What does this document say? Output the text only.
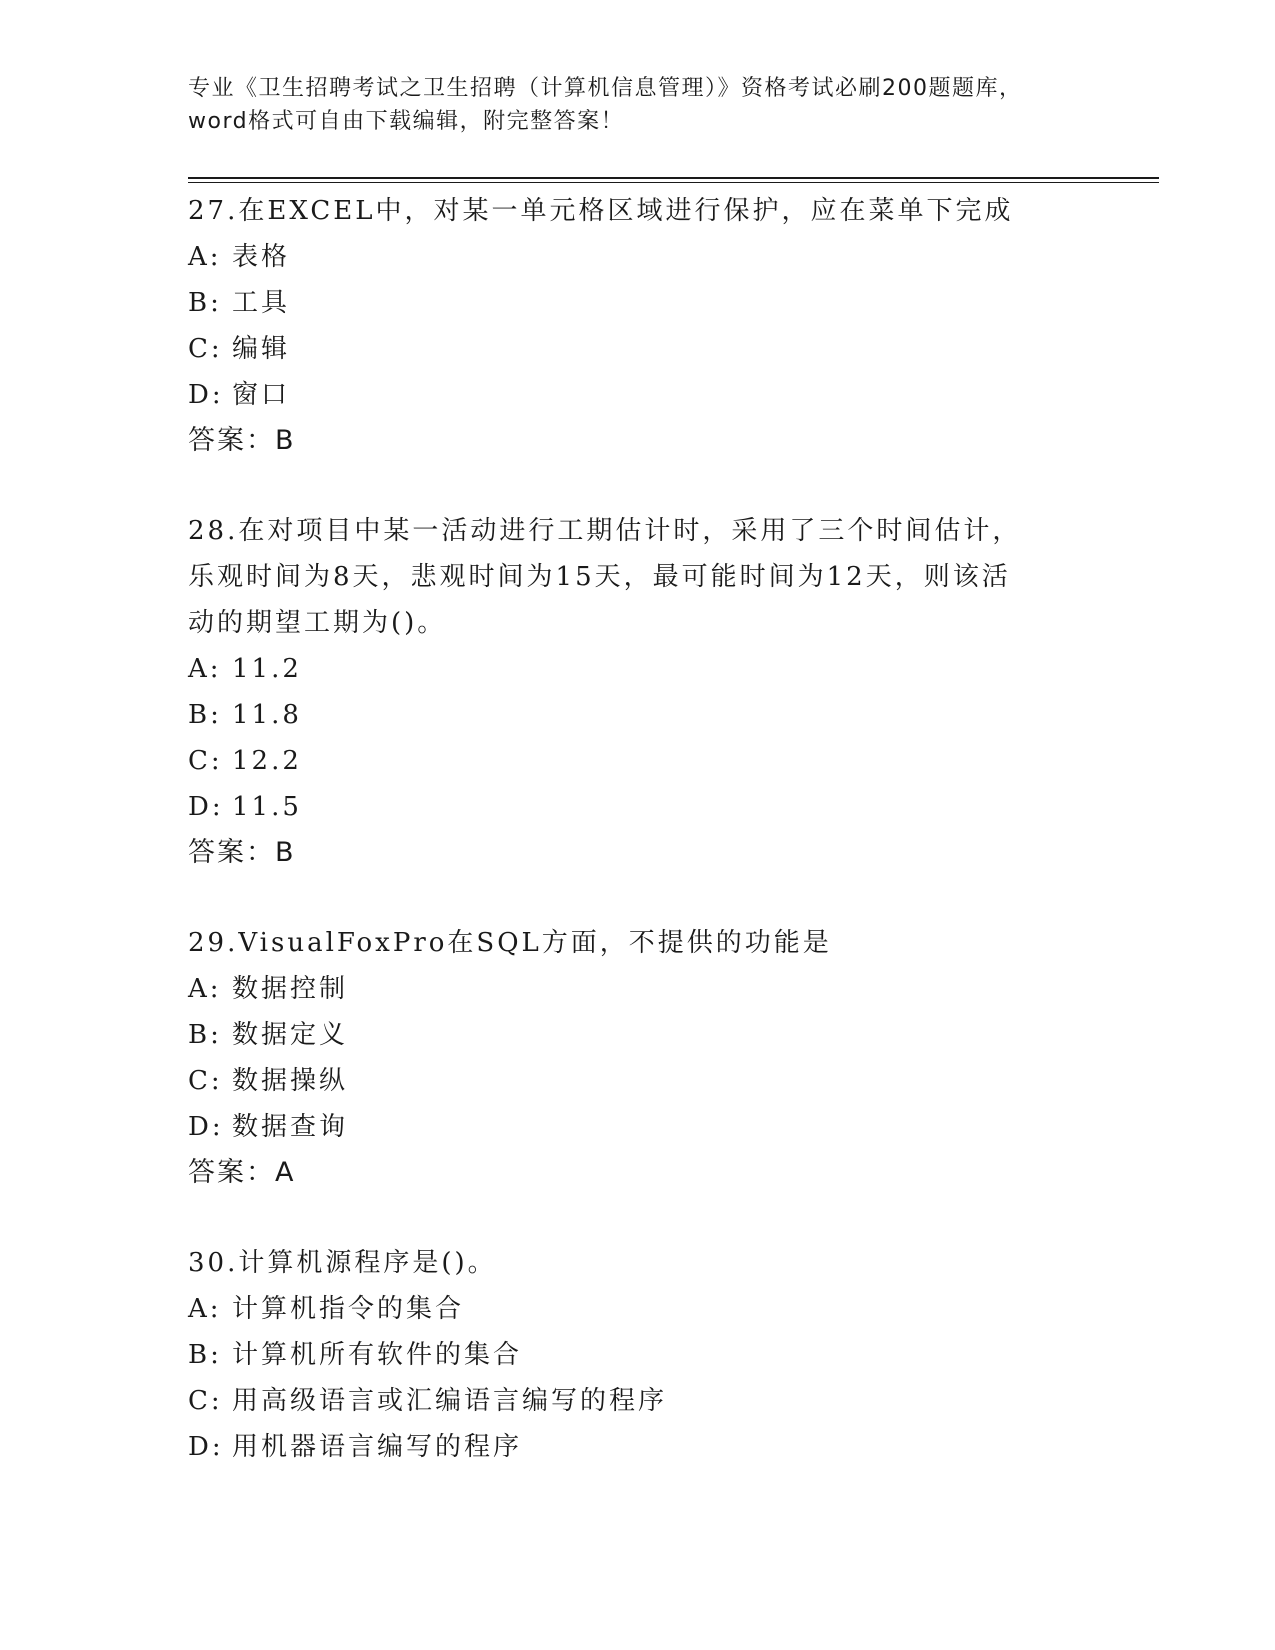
专业《卫生招聘考试之卫生招聘（计算机信息管理）》资格考试必刷200题题库，
word格式可自由下载编辑，附完整答案！
27.在EXCEL中，对某一单元格区域进行保护，应在菜单下完成
A: 表格
B: 工具
C: 编辑
D: 窗口
答案：B
28.在对项目中某一活动进行工期估计时，采用了三个时间估计，乐观时间为8天，悲观时间为15天，最可能时间为12天，则该活动的期望工期为()。
A: 11.2
B: 11.8
C: 12.2
D: 11.5
答案：B
29.VisualFoxPro在SQL方面，不提供的功能是
A: 数据控制
B: 数据定义
C: 数据操纵
D: 数据查询
答案：A
30.计算机源程序是()。
A: 计算机指令的集合
B: 计算机所有软件的集合
C: 用高级语言或汇编语言编写的程序
D: 用机器语言编写的程序
